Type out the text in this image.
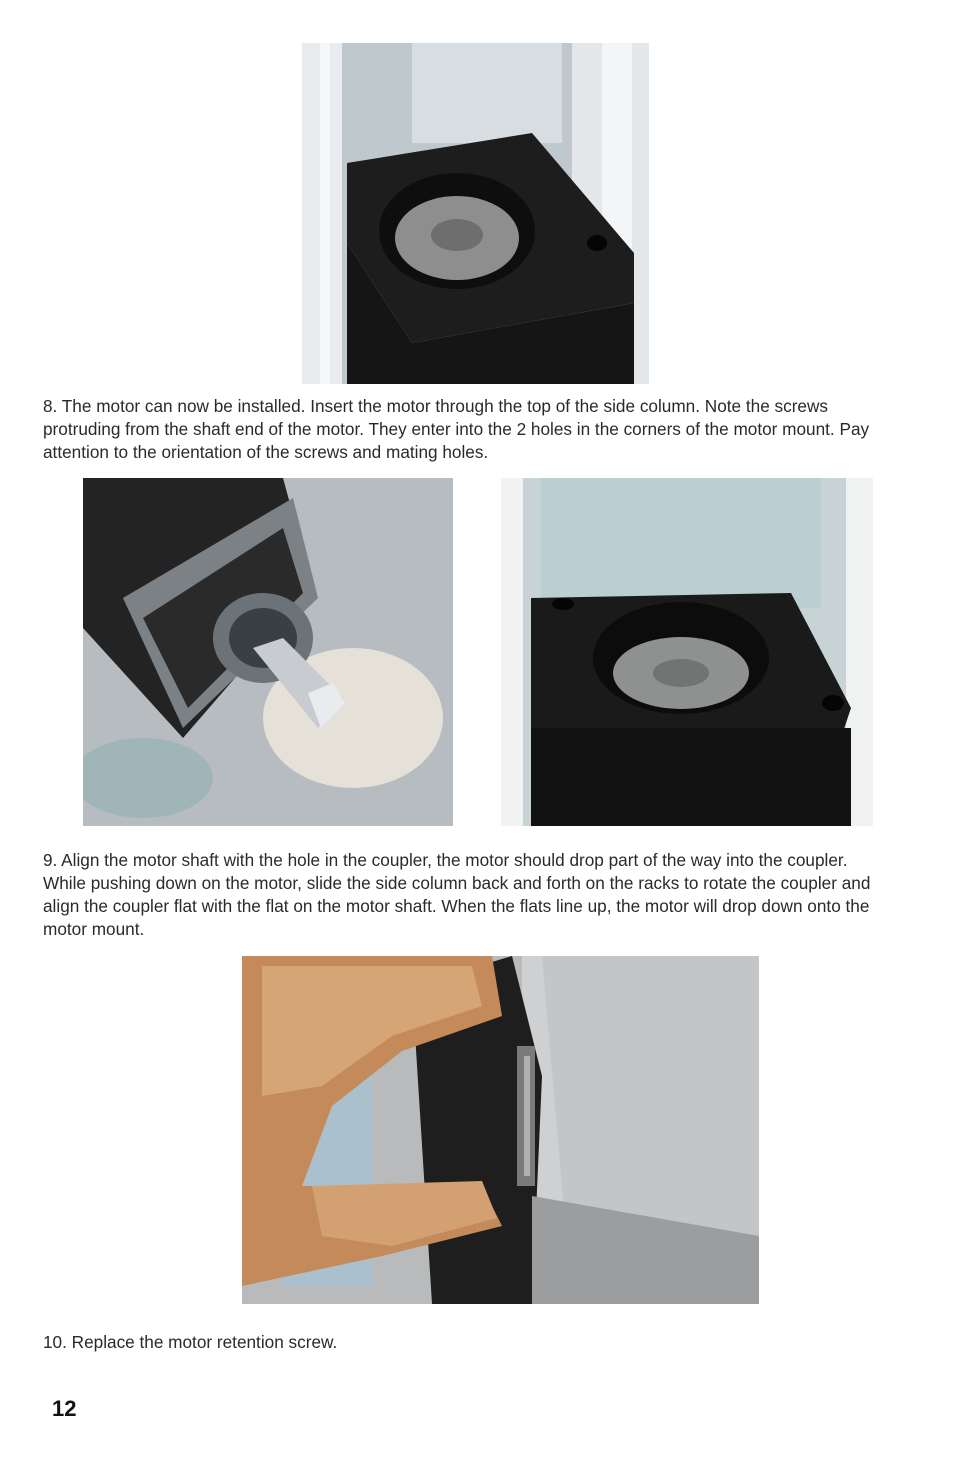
8. The motor can now be installed. Insert the motor through the top of the side column. Note the screws protruding from the shaft end of the motor. They enter into the 2 holes in the corners of the motor mount. Pay attention to the orientation of the screws and mating holes.

9. Align the motor shaft with the hole in the coupler, the motor should drop part of the way into the coupler. While pushing down on the motor, slide the side column back and forth on the racks to rotate the coupler and align the coupler flat with the flat on the motor shaft. When the flats line up, the motor will drop down onto the motor mount.

10. Replace the motor retention screw.

12
